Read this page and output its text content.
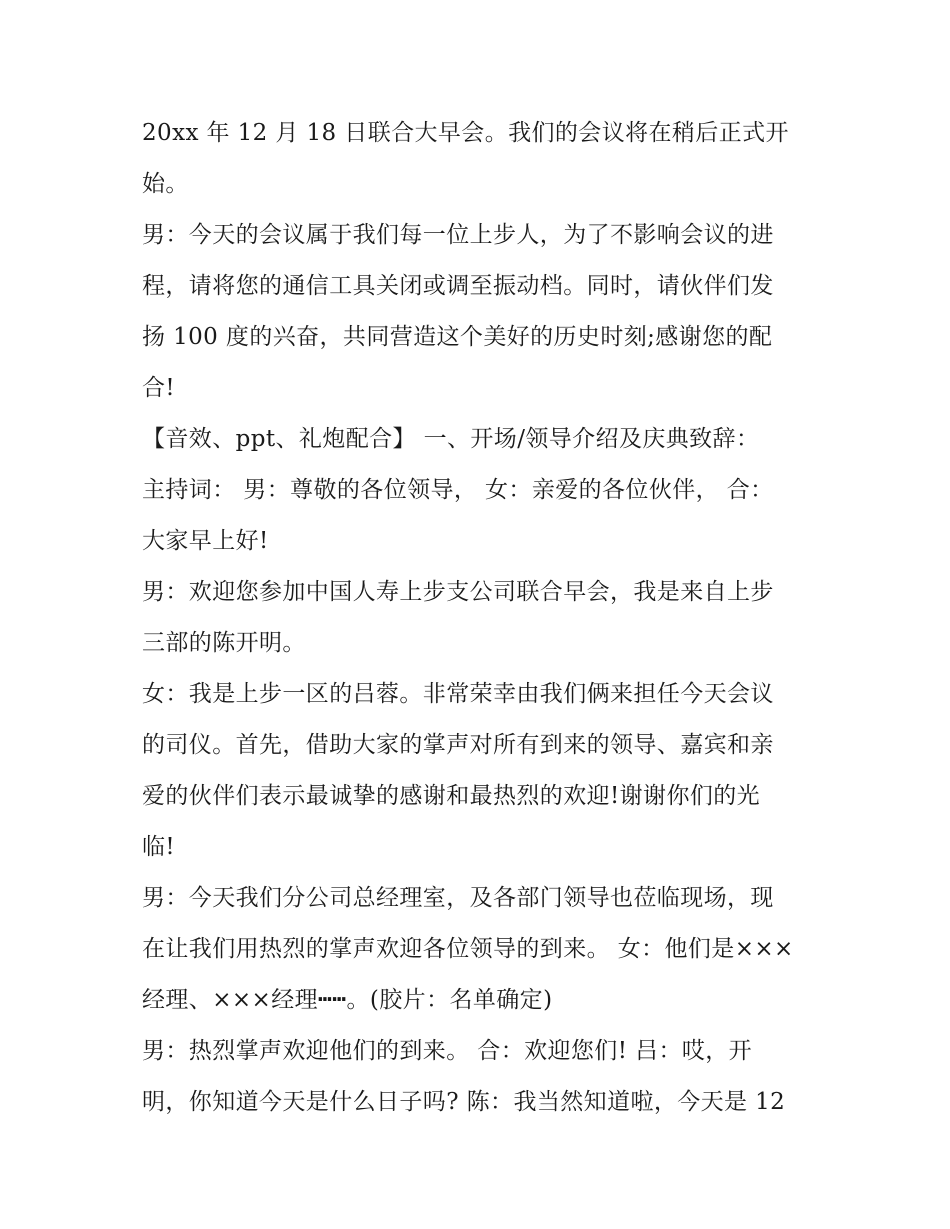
20xx 年 12 月 18 日联合大早会。我们的会议将在稍后正式开
始。
男：今天的会议属于我们每一位上步人，为了不影响会议的进
程，请将您的通信工具关闭或调至振动档。同时，请伙伴们发
扬 100 度的兴奋，共同营造这个美好的历史时刻;感谢您的配
合!
【音效、ppt、礼炮配合】 一、开场/领导介绍及庆典致辞：
主持词： 男：尊敬的各位领导， 女：亲爱的各位伙伴， 合：
大家早上好!
男：欢迎您参加中国人寿上步支公司联合早会，我是来自上步
三部的陈开明。
女：我是上步一区的吕蓉。非常荣幸由我们俩来担任今天会议
的司仪。首先，借助大家的掌声对所有到来的领导、嘉宾和亲
爱的伙伴们表示最诚挚的感谢和最热烈的欢迎!谢谢你们的光
临!
男：今天我们分公司总经理室，及各部门领导也莅临现场，现
在让我们用热烈的掌声欢迎各位领导的到来。 女：他们是×××
经理、×××经理┅┅。(胶片：名单确定)
男：热烈掌声欢迎他们的到来。 合：欢迎您们! 吕：哎，开
明，你知道今天是什么日子吗? 陈：我当然知道啦，今天是 12
